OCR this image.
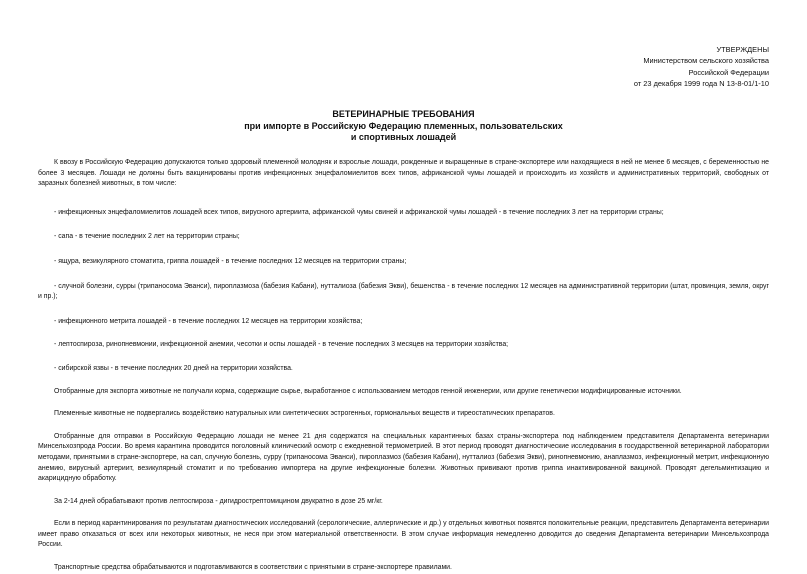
УТВЕРЖДЕНЫ
Министерством сельского хозяйства
Российской Федерации
от 23 декабря 1999 года N 13-8-01/1-10
ВЕТЕРИНАРНЫЕ ТРЕБОВАНИЯ
при импорте в Российскую Федерацию племенных, пользовательских
и спортивных лошадей

К ввозу в Российскую Федерацию допускаются только здоровый племенной молодняк и взрослые лошади, рожденные и выращенные в стране-экспортере или находящиеся в ней не менее 6 месяцев, с беременностью не более 3 месяцев. Лошади не должны быть вакцинированы против инфекционных энцефаломиелитов всех типов, африканской чумы лошадей и происходить из хозяйств и административных территорий, свободных от заразных болезней животных, в том числе:

- инфекционных энцефаломиелитов лошадей всех типов, вирусного артериита, африканской чумы свиней и африканской чумы лошадей - в течение последних 3 лет на территории страны;

- сапа - в течение последних 2 лет на территории страны;

- ящура, везикулярного стоматита, гриппа лошадей - в течение последних 12 месяцев на территории страны;

- случной болезни, сурры (трипаносома Эванси), пироплазмоза (бабезия Кабани), нутталиоза (бабезия Экви), бешенства - в течение последних 12 месяцев на административной территории (штат, провинция, земля, округ и пр.);

- инфекционного метрита лошадей - в течение последних 12 месяцев на территории хозяйства;

- лептоспироза, ринопневмонии, инфекционной анемии, чесотки и оспы лошадей - в течение последних 3 месяцев на территории хозяйства;

- сибирской язвы - в течение последних 20 дней на территории хозяйства.

Отобранные для экспорта животные не получали корма, содержащие сырье, выработанное с использованием методов генной инженерии, или другие генетически модифицированные источники.

Племенные животные не подвергались воздействию натуральных или синтетических эстрогенных, гормональных веществ и тиреостатических препаратов.

Отобранные для отправки в Российскую Федерацию лошади не менее 21 дня содержатся на специальных карантинных базах страны-экспортера под наблюдением представителя Департамента ветеринарии Минсельхозпрода России. Во время карантина проводится поголовный клинический осмотр с ежедневной термометрией. В этот период проводят диагностические исследования в государственной ветеринарной лаборатории методами, принятыми в стране-экспортере, на сап, случную болезнь, сурру (трипаносома Эванси), пироплазмоз (бабезия Кабани), нутталиоз (бабезия Экви), ринопневмонию, анаплазмоз, инфекционный метрит, инфекционную анемию, вирусный артериит, везикулярный стоматит и по требованию импортера на другие инфекционные болезни. Животных прививают против гриппа инактивированной вакциной. Проводят дегельминтизацию и акарицидную обработку.

За 2-14 дней обрабатывают против лептоспироза - дигидрострептомицином двукратно в дозе 25 мг/кг.

Если в период карантинирования по результатам диагностических исследований (серологические, аллергические и др.) у отдельных животных появятся положительные реакции, представитель Департамента ветеринарии имеет право отказаться от всех или некоторых животных, не неся при этом материальной ответственности. В этом случае информация немедленно доводится до сведения Департамента ветеринарии Минсельхозпрода России.

Транспортные средства обрабатываются и подготавливаются в соответствии с принятыми в стране-экспортере правилами.
